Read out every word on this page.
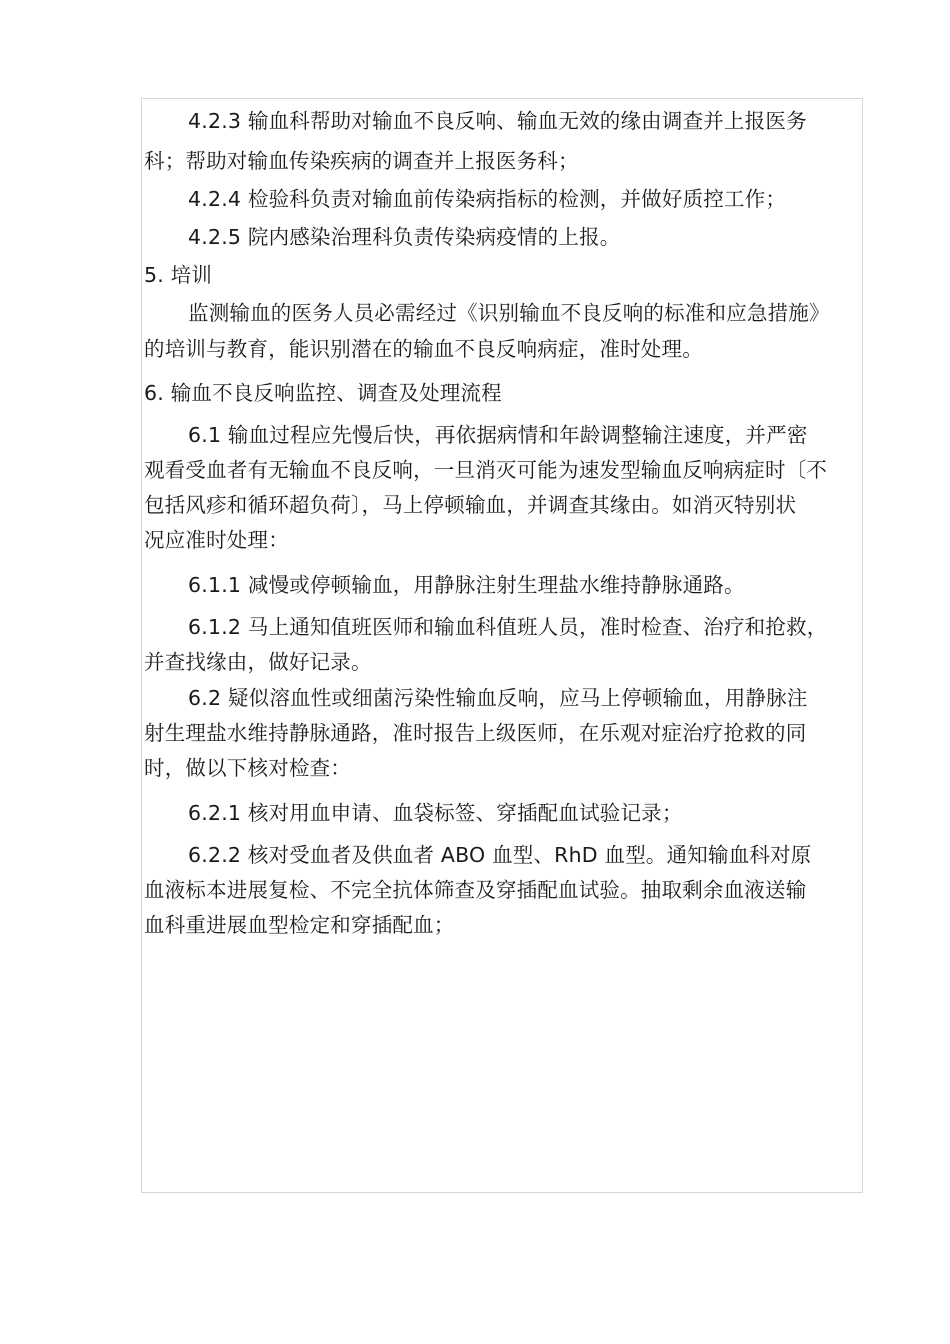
4.2.3 输血科帮助对输血不良反响、输血无效的缘由调查并上报医务
科；帮助对输血传染疾病的调查并上报医务科；
4.2.4 检验科负责对输血前传染病指标的检测，并做好质控工作；
4.2.5 院内感染治理科负责传染病疫情的上报。
5. 培训
监测输血的医务人员必需经过《识别输血不良反响的标准和应急措施》
的培训与教育，能识别潜在的输血不良反响病症，准时处理。
6. 输血不良反响监控、调查及处理流程
6.1 输血过程应先慢后快，再依据病情和年龄调整输注速度，并严密
观看受血者有无输血不良反响，一旦消灭可能为速发型输血反响病症时〔不
包括风疹和循环超负荷〕，马上停顿输血，并调查其缘由。如消灭特别状
况应准时处理：
6.1.1 减慢或停顿输血，用静脉注射生理盐水维持静脉通路。
6.1.2 马上通知值班医师和输血科值班人员，准时检查、治疗和抢救，
并查找缘由，做好记录。
6.2 疑似溶血性或细菌污染性输血反响，应马上停顿输血，用静脉注
射生理盐水维持静脉通路，准时报告上级医师，在乐观对症治疗抢救的同
时，做以下核对检查：
6.2.1 核对用血申请、血袋标签、穿插配血试验记录；
6.2.2 核对受血者及供血者 ABO 血型、RhD 血型。通知输血科对原
血液标本进展复检、不完全抗体筛查及穿插配血试验。抽取剩余血液送输
血科重进展血型检定和穿插配血；
